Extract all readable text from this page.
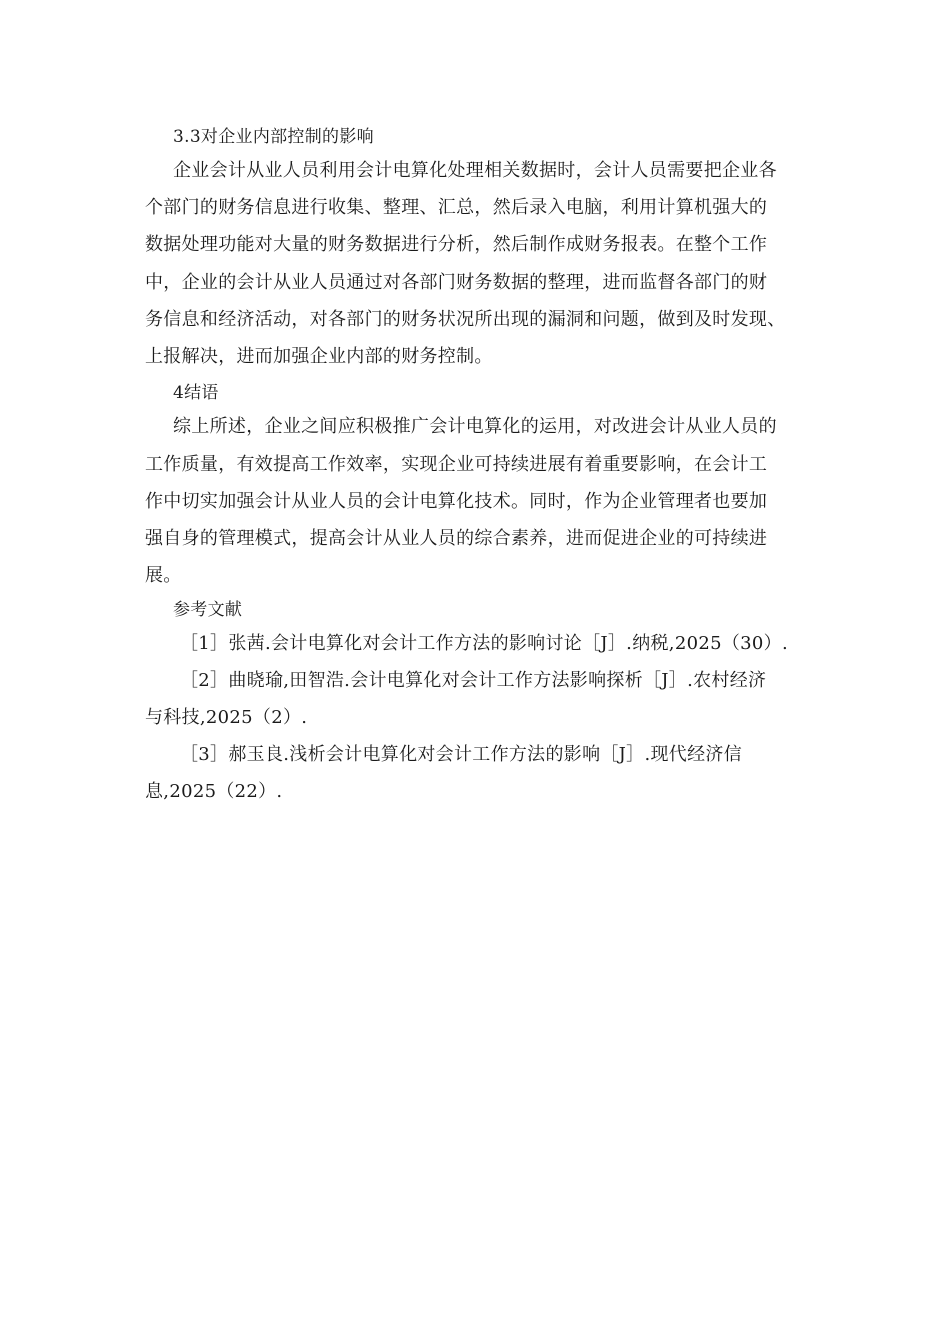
3.3对企业内部控制的影响
企业会计从业人员利用会计电算化处理相关数据时，会计人员需要把企业各
个部门的财务信息进行收集、整理、汇总，然后录入电脑，利用计算机强大的
数据处理功能对大量的财务数据进行分析，然后制作成财务报表。在整个工作
中，企业的会计从业人员通过对各部门财务数据的整理，进而监督各部门的财
务信息和经济活动，对各部门的财务状况所出现的漏洞和问题，做到及时发现、
上报解决，进而加强企业内部的财务控制。
4结语
综上所述，企业之间应积极推广会计电算化的运用，对改进会计从业人员的
工作质量，有效提高工作效率，实现企业可持续进展有着重要影响，在会计工
作中切实加强会计从业人员的会计电算化技术。同时，作为企业管理者也要加
强自身的管理模式，提高会计从业人员的综合素养，进而促进企业的可持续进
展。
参考文献
［1］张茜.会计电算化对会计工作方法的影响讨论［J］.纳税,2025（30）.
［2］曲晓瑜,田智浩.会计电算化对会计工作方法影响探析［J］.农村经济
与科技,2025（2）.
［3］郝玉良.浅析会计电算化对会计工作方法的影响［J］.现代经济信
息,2025（22）.
